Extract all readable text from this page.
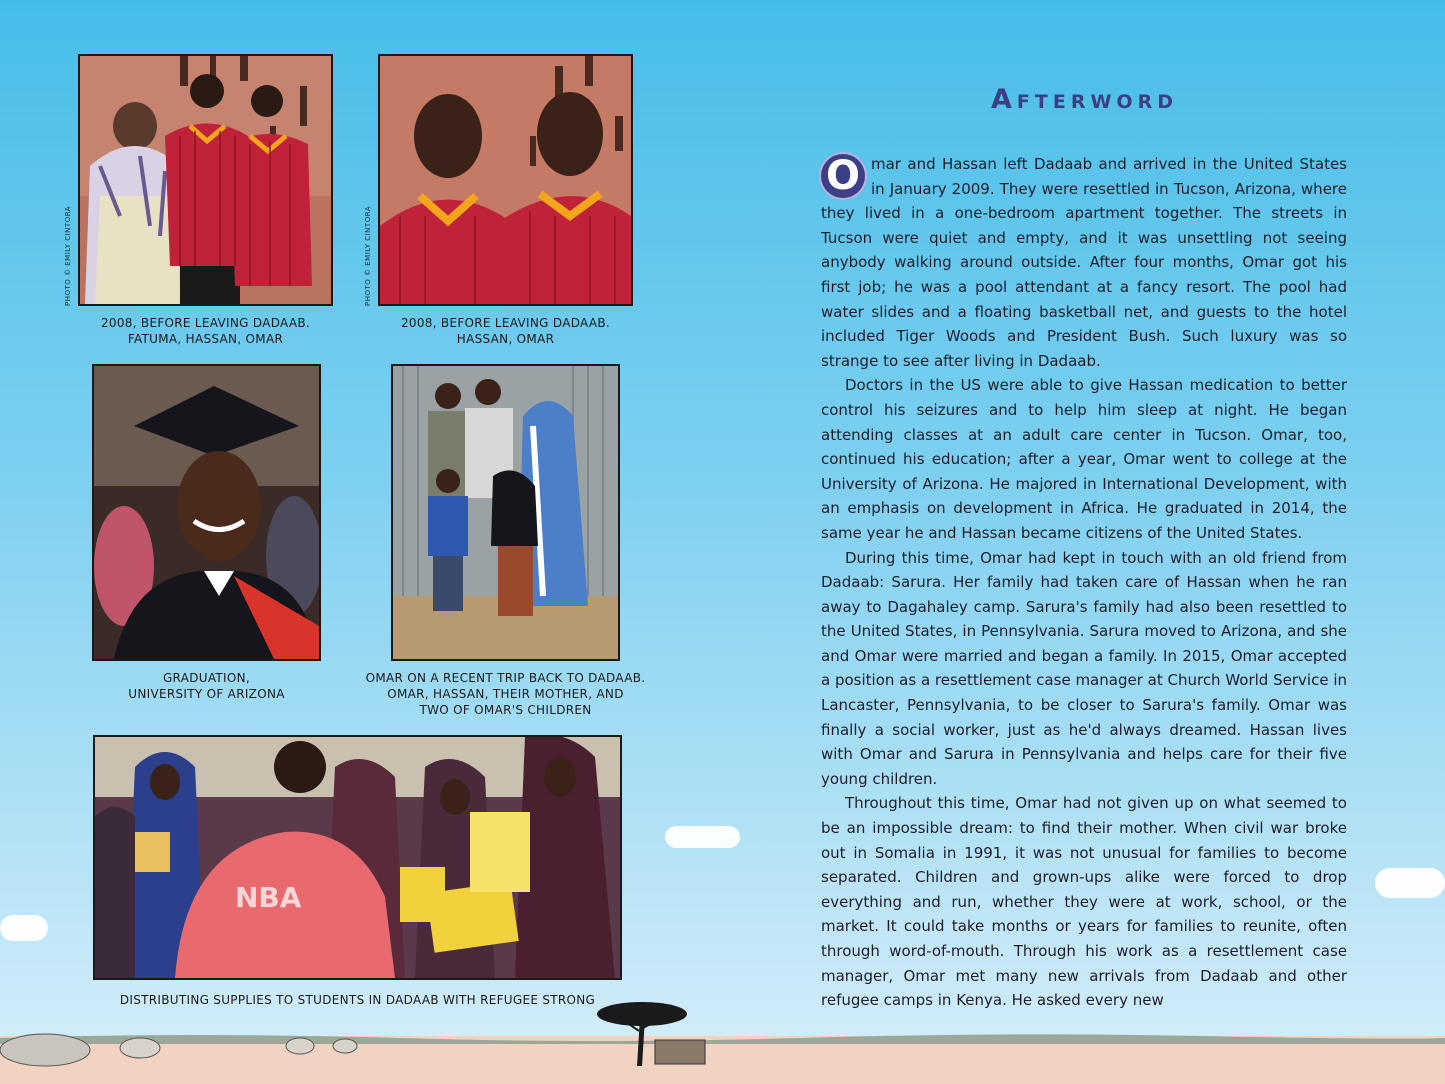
PHOTO © EMILY CINTORA
2008, BEFORE LEAVING DADAAB.
FATUMA, HASSAN, OMAR
PHOTO © EMILY CINTORA
2008, BEFORE LEAVING DADAAB.
HASSAN, OMAR
GRADUATION,
UNIVERSITY OF ARIZONA
OMAR ON A RECENT TRIP BACK TO DADAAB.
OMAR, HASSAN, THEIR MOTHER, AND
TWO OF OMAR'S CHILDREN
NBA
DISTRIBUTING SUPPLIES TO STUDENTS IN DADAAB WITH REFUGEE STRONG
Afterword

O mar and Hassan left Dadaab and arrived in the United States in January 2009. They were resettled in Tucson, Arizona, where they lived in a one-bedroom apartment together. The streets in Tucson were quiet and empty, and it was unsettling not seeing anybody walking around outside. After four months, Omar got his first job; he was a pool attendant at a fancy resort. The pool had water slides and a floating basketball net, and guests to the hotel included Tiger Woods and President Bush. Such luxury was so strange to see after living in Dadaab.

Doctors in the US were able to give Hassan medication to better control his seizures and to help him sleep at night. He began attending classes at an adult care center in Tucson. Omar, too, continued his education; after a year, Omar went to college at the University of Arizona. He majored in International Development, with an emphasis on development in Africa. He graduated in 2014, the same year he and Hassan became citizens of the United States.

During this time, Omar had kept in touch with an old friend from Dadaab: Sarura. Her family had taken care of Hassan when he ran away to Dagahaley camp. Sarura's family had also been resettled to the United States, in Pennsylvania. Sarura moved to Arizona, and she and Omar were married and began a family. In 2015, Omar accepted a position as a resettlement case manager at Church World Service in Lancaster, Pennsylvania, to be closer to Sarura's family. Omar was finally a social worker, just as he'd always dreamed. Hassan lives with Omar and Sarura in Pennsylvania and helps care for their five young children.

Throughout this time, Omar had not given up on what seemed to be an impossible dream: to find their mother. When civil war broke out in Somalia in 1991, it was not unusual for families to become separated. Children and grown-ups alike were forced to drop everything and run, whether they were at work, school, or the market. It could take months or years for families to reunite, often through word-of-mouth. Through his work as a resettlement case manager, Omar met many new arrivals from Dadaab and other refugee camps in Kenya. He asked every new
